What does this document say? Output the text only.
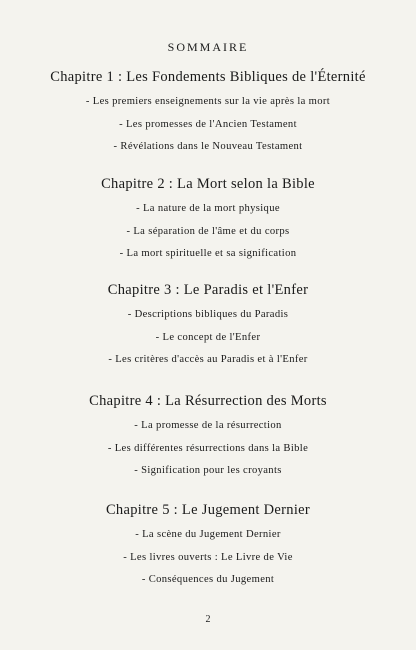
SOMMAIRE
Chapitre 1 : Les Fondements Bibliques de l'Éternité
- Les premiers enseignements sur la vie après la mort
- Les promesses de l'Ancien Testament
- Révélations dans le Nouveau Testament
Chapitre 2 : La Mort selon la Bible
- La nature de la mort physique
- La séparation de l'âme et du corps
- La mort spirituelle et sa signification
Chapitre 3 : Le Paradis et l'Enfer
- Descriptions bibliques du Paradis
- Le concept de l'Enfer
- Les critères d'accès au Paradis et à l'Enfer
Chapitre 4 : La Résurrection des Morts
- La promesse de la résurrection
- Les différentes résurrections dans la Bible
- Signification pour les croyants
Chapitre 5 : Le Jugement Dernier
- La scène du Jugement Dernier
- Les livres ouverts : Le Livre de Vie
- Conséquences du Jugement
2
